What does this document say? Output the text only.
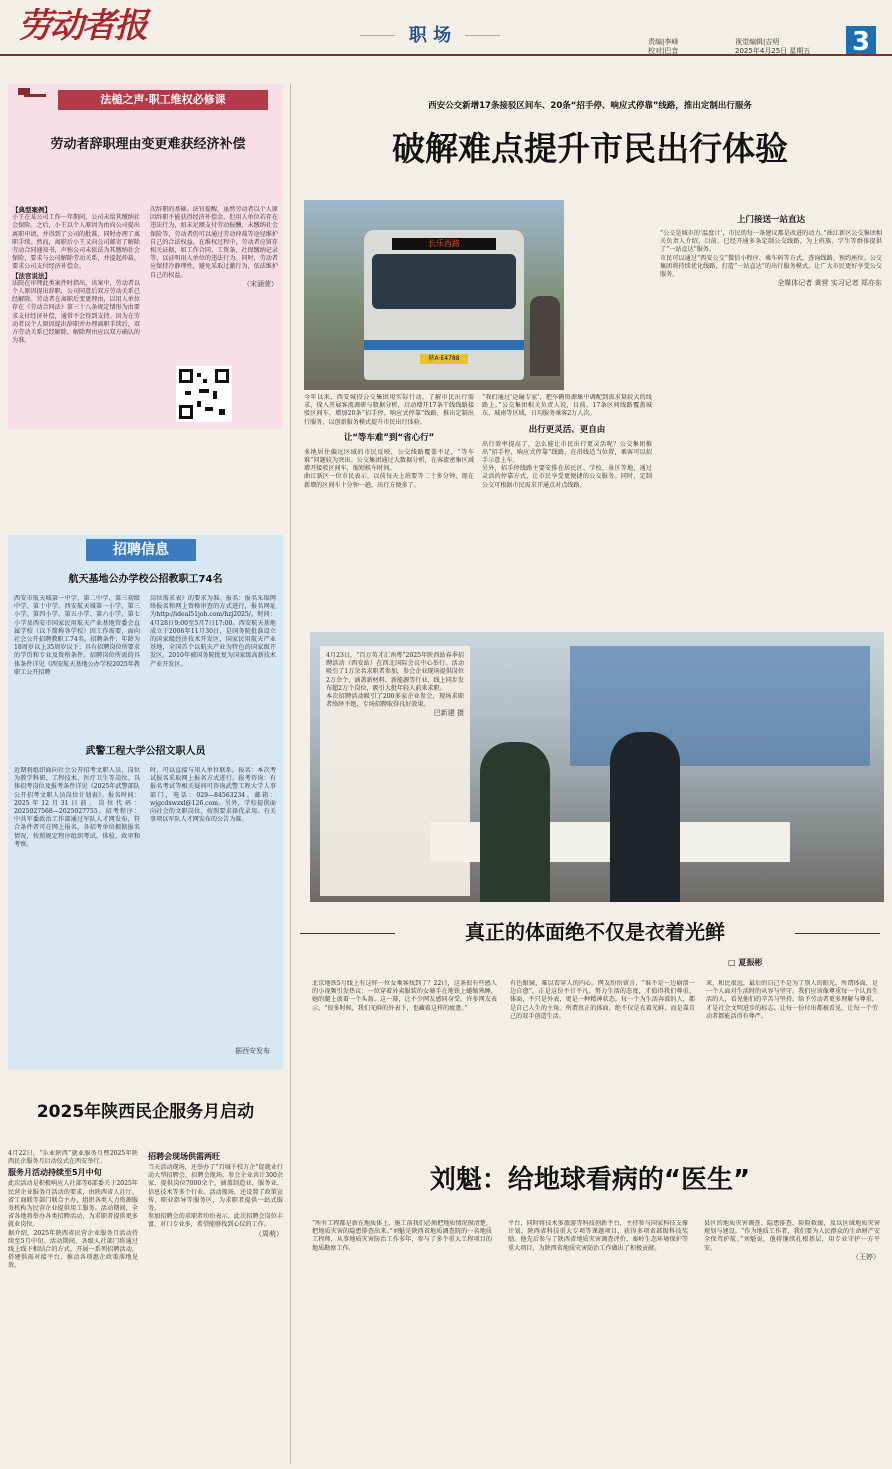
劳动者报	职 场	责编|李峰
校对|巴音
视觉编辑|吉明
2025年4月25日 星期五	3
法槌之声·职工维权必修课
劳动者辞职理由变更难获经济补偿
【典型案例】
小王在某公司工作一年期间，公司未给其缴纳社会保险。之后，小王以个人原因为由向公司提出离职申请，并得到了公司的批准，同时办理了离职手续。然而，离职后小王又向公司邮寄了解除劳动合同通知书，声称公司未依法为其缴纳社会保险，要求与公司解除劳动关系，并提起仲裁，要求公司支付经济补偿金。
【法官说法】
法院在审理此类案件时指出，该案中，劳动者以个人原因提出辞职，公司同意后双方劳动关系已经解除。劳动者在离职后变更理由，以用人单位存在《劳动合同法》第三十八条规定情形为由要求支付经济补偿，通常不会得到支持。因为在劳动者以个人原因提出辞职并办理离职手续后，双方劳动关系已经解除，解除理由应以双方确认的为准。
次辞职的基础。法官提醒，虽然劳动者以个人原因辞职不能获得经济补偿金，但用人单位若存在违法行为，如未足额支付劳动报酬、未缴纳社会保险等，劳动者仍可以通过劳动仲裁等途径维护自己的合法权益。在维权过程中，劳动者应留存相关证据，如工作合同、工资条、社保缴纳记录等，以证明用人单位的违法行为。同时，劳动者应保持冷静理性，避免采取过激行为，依法维护自己的权益。
（宋涵萱）
招聘信息
航天基地公办学校公招教职工74名
西安市航天城第一中学、第二中学、第三初级中学、第十中学、西安航天城第一小学、第三小学、第四小学、第五小学、第六小学、第七小学及西安市国家民用航天产业基地管委会直属学校（以下简称各学校）因工作需要，面向社会公开招聘教职工74名。招聘条件：年龄为18周岁以上35周岁以下；具有招聘岗位所要求的学历和专业及资格条件。招聘岗位所需的具体条件详见《西安航天基地公办学校2025年教职工公开招聘
岗位需求表》的要求为准。报名：报名采取网络报名和网上资格审查的方式进行，报名网址为http://ideal51job.com/hzj2025/。时间：4月28日9:00至5月7日17:00。西安航天基地成立于2006年11月30日，是国务院批准设立的国家级经济技术开发区，国家民用航天产业基地，全国首个以航天产业为特色的国家级开发区。2010年被国务院批复为国家级高新技术产业开发区。
武警工程大学公招文职人员
近期将组织面向社会公开招考文职人员，岗位为教学科研、工程技术、医疗卫生等岗位。具体招考岗位及报考条件详见《2025年武警部队公开招考文职人员岗位计划表》。报名时间：2025年12月31日前。岗位代码：2025027568—2025027755。招考程序：中共军委政治工作部通过军队人才网发布，符合条件者可在网上报名。各招考单位根据报名情况，按照规定程序组织考试、体检、政审和考察。
时，可以直接与用人单位联系。报名：本次考试报名采取网上报名方式进行。报考咨询：有报名考试等相关疑问可咨询武警工程大学人事部门，电话：029—84563234。邮箱：wjgcdxwzxl@126.com。另外，学校提供面向社会的文职岗位，按照要求择优录用。有关事项以军队人才网发布的公告为准。
据西安发布
2025年陕西民企服务月启动
4月22日，“乐业陕西”就业服务月暨2025年陕西民企服务月启动仪式在西安举行。
服务月活动持续至5月中旬
此次活动是积极响应人社部等6部委关于2025年民营企业服务月活动的要求，由陕西省人社厅、省工商联等部门联合主办，组织各类人力资源服务机构为民营企业提供用工服务。活动期间，全省各地将举办各类招聘活动，为求职者提供更多就业岗位。
据介绍，2025年陕西省民营企业服务月活动持续至5月中旬。活动期间，各级人社部门将通过线上线下相结合的方式，开展一系列招聘活动，搭建供需对接平台，推动各项惠企政策落地见效。
招聘会现场供需两旺
当天活动现场，还举办了“百城千校万企”促就业行动大型招聘会。招聘会现场，参会企业共计300余家，提供岗位7000余个，涵盖制造业、服务业、信息技术等多个行业。活动现场，还设置了政策宣传、职业指导等服务区，为求职者提供一站式服务。
参加招聘会的求职者纷纷表示，此次招聘会岗位丰富，对口专业多，希望能够找到心仪的工作。
（周萌）
西安公交新增17条接驳区间车、20条“招手停、响应式停靠”线路，推出定制出行服务
破解难点提升市民出行体验
长乐西路
陕A·E4788
今年以来，西安城投公交集团用实际行动，了解市民出行需求，探入开展客流调研与数据分析，启动增开17条干线线路接驳区间车，增加20条“招手停、响应式停靠”线路，推出定制出行服务，以创新服务模式提升市民出行体验。
让“等车难”到“省心行”
多地居住偏远区域的市民反映，公交线路覆盖不足，“等车难”问题较为突出。公交集团通过大数据分析，在客流密集区域增开接驳区间车，缩短候车时间。
曲江新区一位市民表示，以前每天上班要等二十多分钟，现在新增的区间车十分钟一趟，出行方便多了。
“我们通过‘运输专家’，把车辆资源集中调配到需求量较大的线路上。”公交集团相关负责人说，目前，17条区间线路覆盖城东、城南等区域，日均服务乘客2万人次。
出行更灵活、更自由
出行效率提高了，怎么能让市民出行更灵活呢？公交集团推出“招手停、响应式停靠”线路，在沿线适当位置，乘客可以招手示意上车。
另外，招手停线路主要安排在居民区、学校、景区等地，通过灵活的停靠方式，让市民享受更便捷的公交服务。同时，定制公交可根据市民需求开通点对点线路。
上门接送一站直达
“公交是城市的‘温度计’，市民的每一条建议都是改进的动力。”曲江新区公交集团相关负责人介绍，目前，已经开通多条定制公交线路，为上班族、学生等群体提供了“一站直达”服务。
市民可以通过“西安公交”微信小程序、乘车码等方式，查询线路、预约座位。公交集团将持续优化线路，打造“一站直达”的出行服务模式，让广大市民更好享受公交服务。
全媒体记者 黄营 实习记者 郑亦东
4月23日，“百万英才汇南粤”2025年陕西站春季招聘活动（西安站）在西北国际会议中心举行。活动吸引了1万余名求职者参加，参会企业现场提供岗位2万余个，涵盖新材料、新能源等行业，线上同步发布超2万个岗位，吸引大批年轻人前来求职。
本次招聘活动吸引了200多家企业参会，现场求职者络绎不绝，专场招聘取得良好效果。
巴新建 摄
真正的体面绝不仅是衣着光鲜
□ 夏振彬
北京地铁5号线上有这样一位女乘客找到了？22日，这条很有些感人的小视频引发热议：一位穿着外卖服装的女骑手在地铁上蜷缩熟睡，她的腿上放着一个头盔。这一幕，让不少网友感同身受。许多网友表示，“很多时候，我们光鲜的外表下，也藏着这样的疲惫。”
有色眼镜，难以看穿人的内心。网友纷纷留言，“谁不是一边崩溃一边自愈”。正是这份不甘平凡、努力生活的态度，才值得我们尊重。体面，不只是外表，更是一种精神状态。每一个为生活奔波的人，都是自己人生的主角。所谓真正的体面，绝不仅是衣着光鲜，而是靠自己的双手创造生活。
来，和比很远，最后的自己不是为了别人的眼光。所谓体面，是一个人面对生活时的从容与坚守。我们应该像尊重每一个认真生活的人，看见他们的辛苦与坚持。给予劳动者更多理解与尊重，才是社会文明进步的标志。让每一份付出都被看见，让每一个劳动者都能活得有尊严。
刘魁：给地球看病的“医生”
“所有工程都是新在地质体上，施工前我们必须把地质情况摸清楚，把地质灾害的隐患排查出来。”刘魁是陕西省地质调查院的一名地质工程师，从事地质灾害防治工作多年，参与了多个重大工程项目的地质勘察工作。
平台，同时将技术多旅游等科技创新平台，主持参与国家科技支撑计划、陕西省科技重大专项等课题项目，获得多项省部级科技奖励。他先后参与了陕西省地质灾害调查评价、秦岭生态环境保护等重大项目，为陕西省地质灾害防治工作做出了积极贡献。
县区的地质灾害调查、隐患排查、险险救援，及以区域地质灾害规划与建设。“作为地质工作者，我们要为人民群众的生命财产安全保驾护航。”刘魁说，他将继续扎根基层，用专业守护一方平安。
（王婷）
